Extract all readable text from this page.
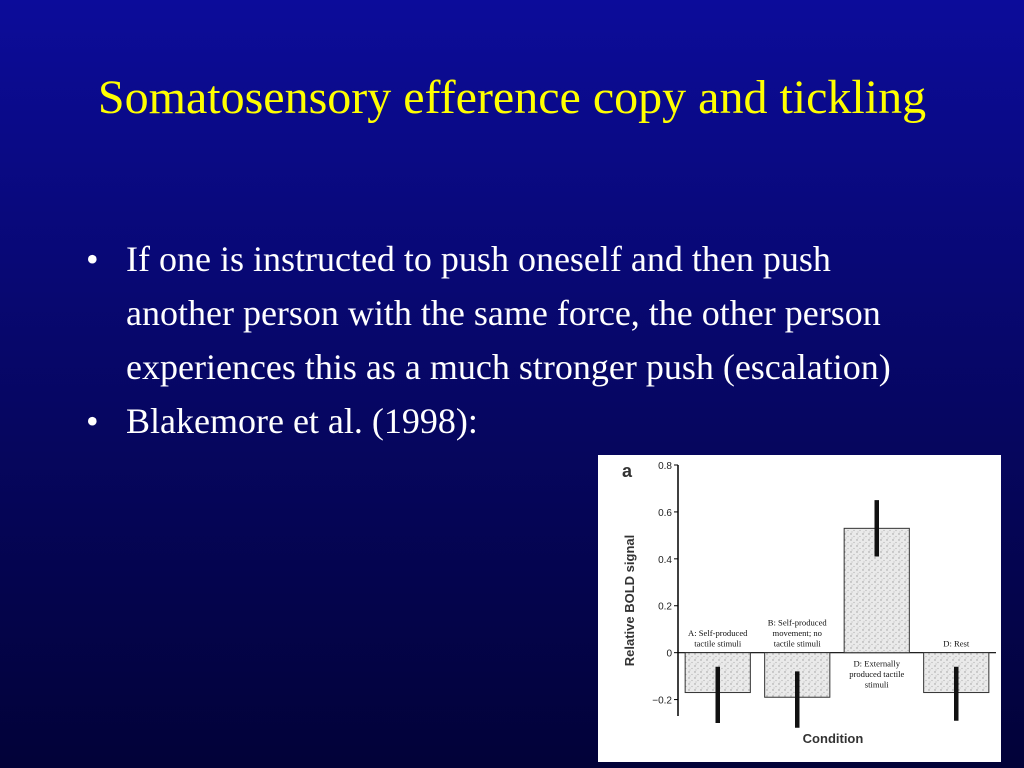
Somatosensory efference copy and tickling
• If one is instructed to push oneself and then push another person with the same force, the other person experiences this as a much stronger push (escalation)
• Blakemore et al. (1998):
0.8
0.6
0.4
0.2
0
−0.2
a
Relative BOLD signal
Condition
A: Self-produced
tactile stimuli
B: Self-produced
movement; no
tactile stimuli
D: Externally
produced tactile
stimuli
D: Rest
